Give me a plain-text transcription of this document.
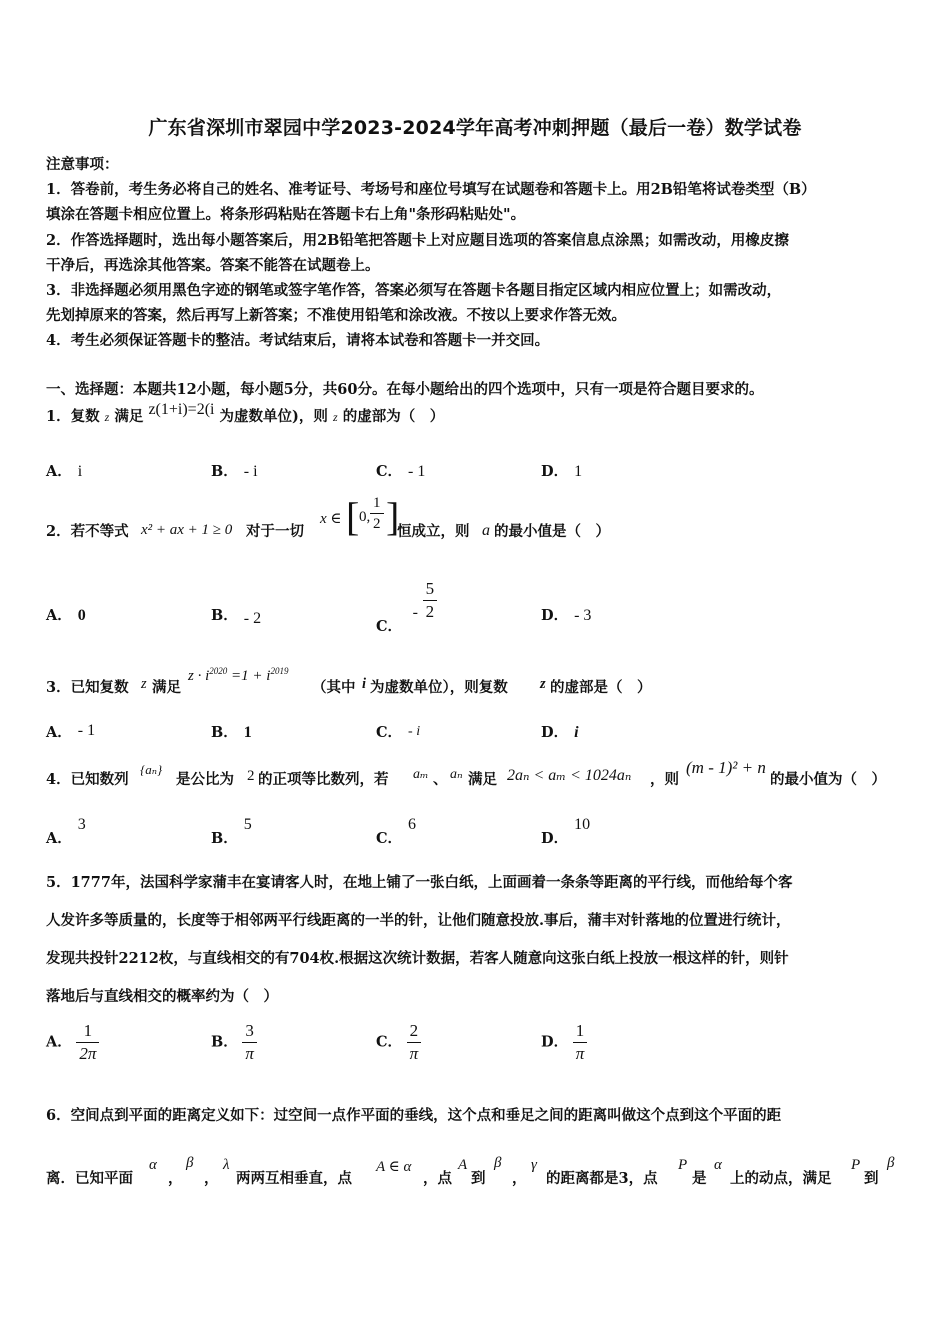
广东省深圳市翠园中学2023-2024学年高考冲刺押题（最后一卷）数学试卷
注意事项：
1．答卷前，考生务必将自己的姓名、准考证号、考场号和座位号填写在试题卷和答题卡上。用2B铅笔将试卷类型（B）
填涂在答题卡相应位置上。将条形码粘贴在答题卡右上角"条形码粘贴处"。
2．作答选择题时，选出每小题答案后，用2B铅笔把答题卡上对应题目选项的答案信息点涂黑；如需改动，用橡皮擦
干净后，再选涂其他答案。答案不能答在试题卷上。
3．非选择题必须用黑色字迹的钢笔或签字笔作答，答案必须写在答题卡各题目指定区域内相应位置上；如需改动，
先划掉原来的答案，然后再写上新答案；不准使用铅笔和涂改液。不按以上要求作答无效。
4．考生必须保证答题卡的整洁。考试结束后，请将本试卷和答题卡一并交回。
一、选择题：本题共12小题，每小题5分，共60分。在每小题给出的四个选项中，只有一项是符合题目要求的。
1．复数 z 满足 z(1+i)=2(i 为虚数单位)，则 z 的虚部为（　）
A． i	B． - i	C． - 1	D． 1
2．若不等式 x² + ax + 1 ≥ 0 对于一切
x ∈ [ 0, $\frac{1}{2}$ ]
恒成立，则 a 的最小值是（　）
A． 0	B． - 2	C． - $\frac{5}{2}$	D． - 3
3．已知复数 z 满足
$z \cdot i^{2020} =1 + i^{2019}$
（其中 i 为虚数单位），则复数 z 的虚部是（　）
A． - 1	B． 1	C． - i	D． i
4．已知数列
{aₙ}
是公比为 2 的正项等比数列，若 aₘ 、 aₙ 满足 2aₙ < aₘ < 1024aₙ ，则
(m - 1)² + n
的最小值为（　）
A．3
B．5
C．6
D．10
5．1777年，法国科学家蒲丰在宴请客人时，在地上铺了一张白纸，上面画着一条条等距离的平行线，而他给每个客
人发许多等质量的，长度等于相邻两平行线距离的一半的针，让他们随意投放.事后，蒲丰对针落地的位置进行统计，
发现共投针2212枚，与直线相交的有704枚.根据这次统计数据，若客人随意向这张白纸上投放一根这样的针，则针
落地后与直线相交的概率约为（　）
A． $\frac{1}{2\pi}$	B． $\frac{3}{\pi}$	C． $\frac{2}{\pi}$	D． $\frac{1}{\pi}$
6．空间点到平面的距离定义如下：过空间一点作平面的垂线，这个点和垂足之间的距离叫做这个点到这个平面的距
离．已知平面
α
，
β
，
λ
两两互相垂直，点
A ∈ α
，点
A
到
β
，
γ
的距离都是3，点
P
是
α
上的动点，满足
P
到
β
